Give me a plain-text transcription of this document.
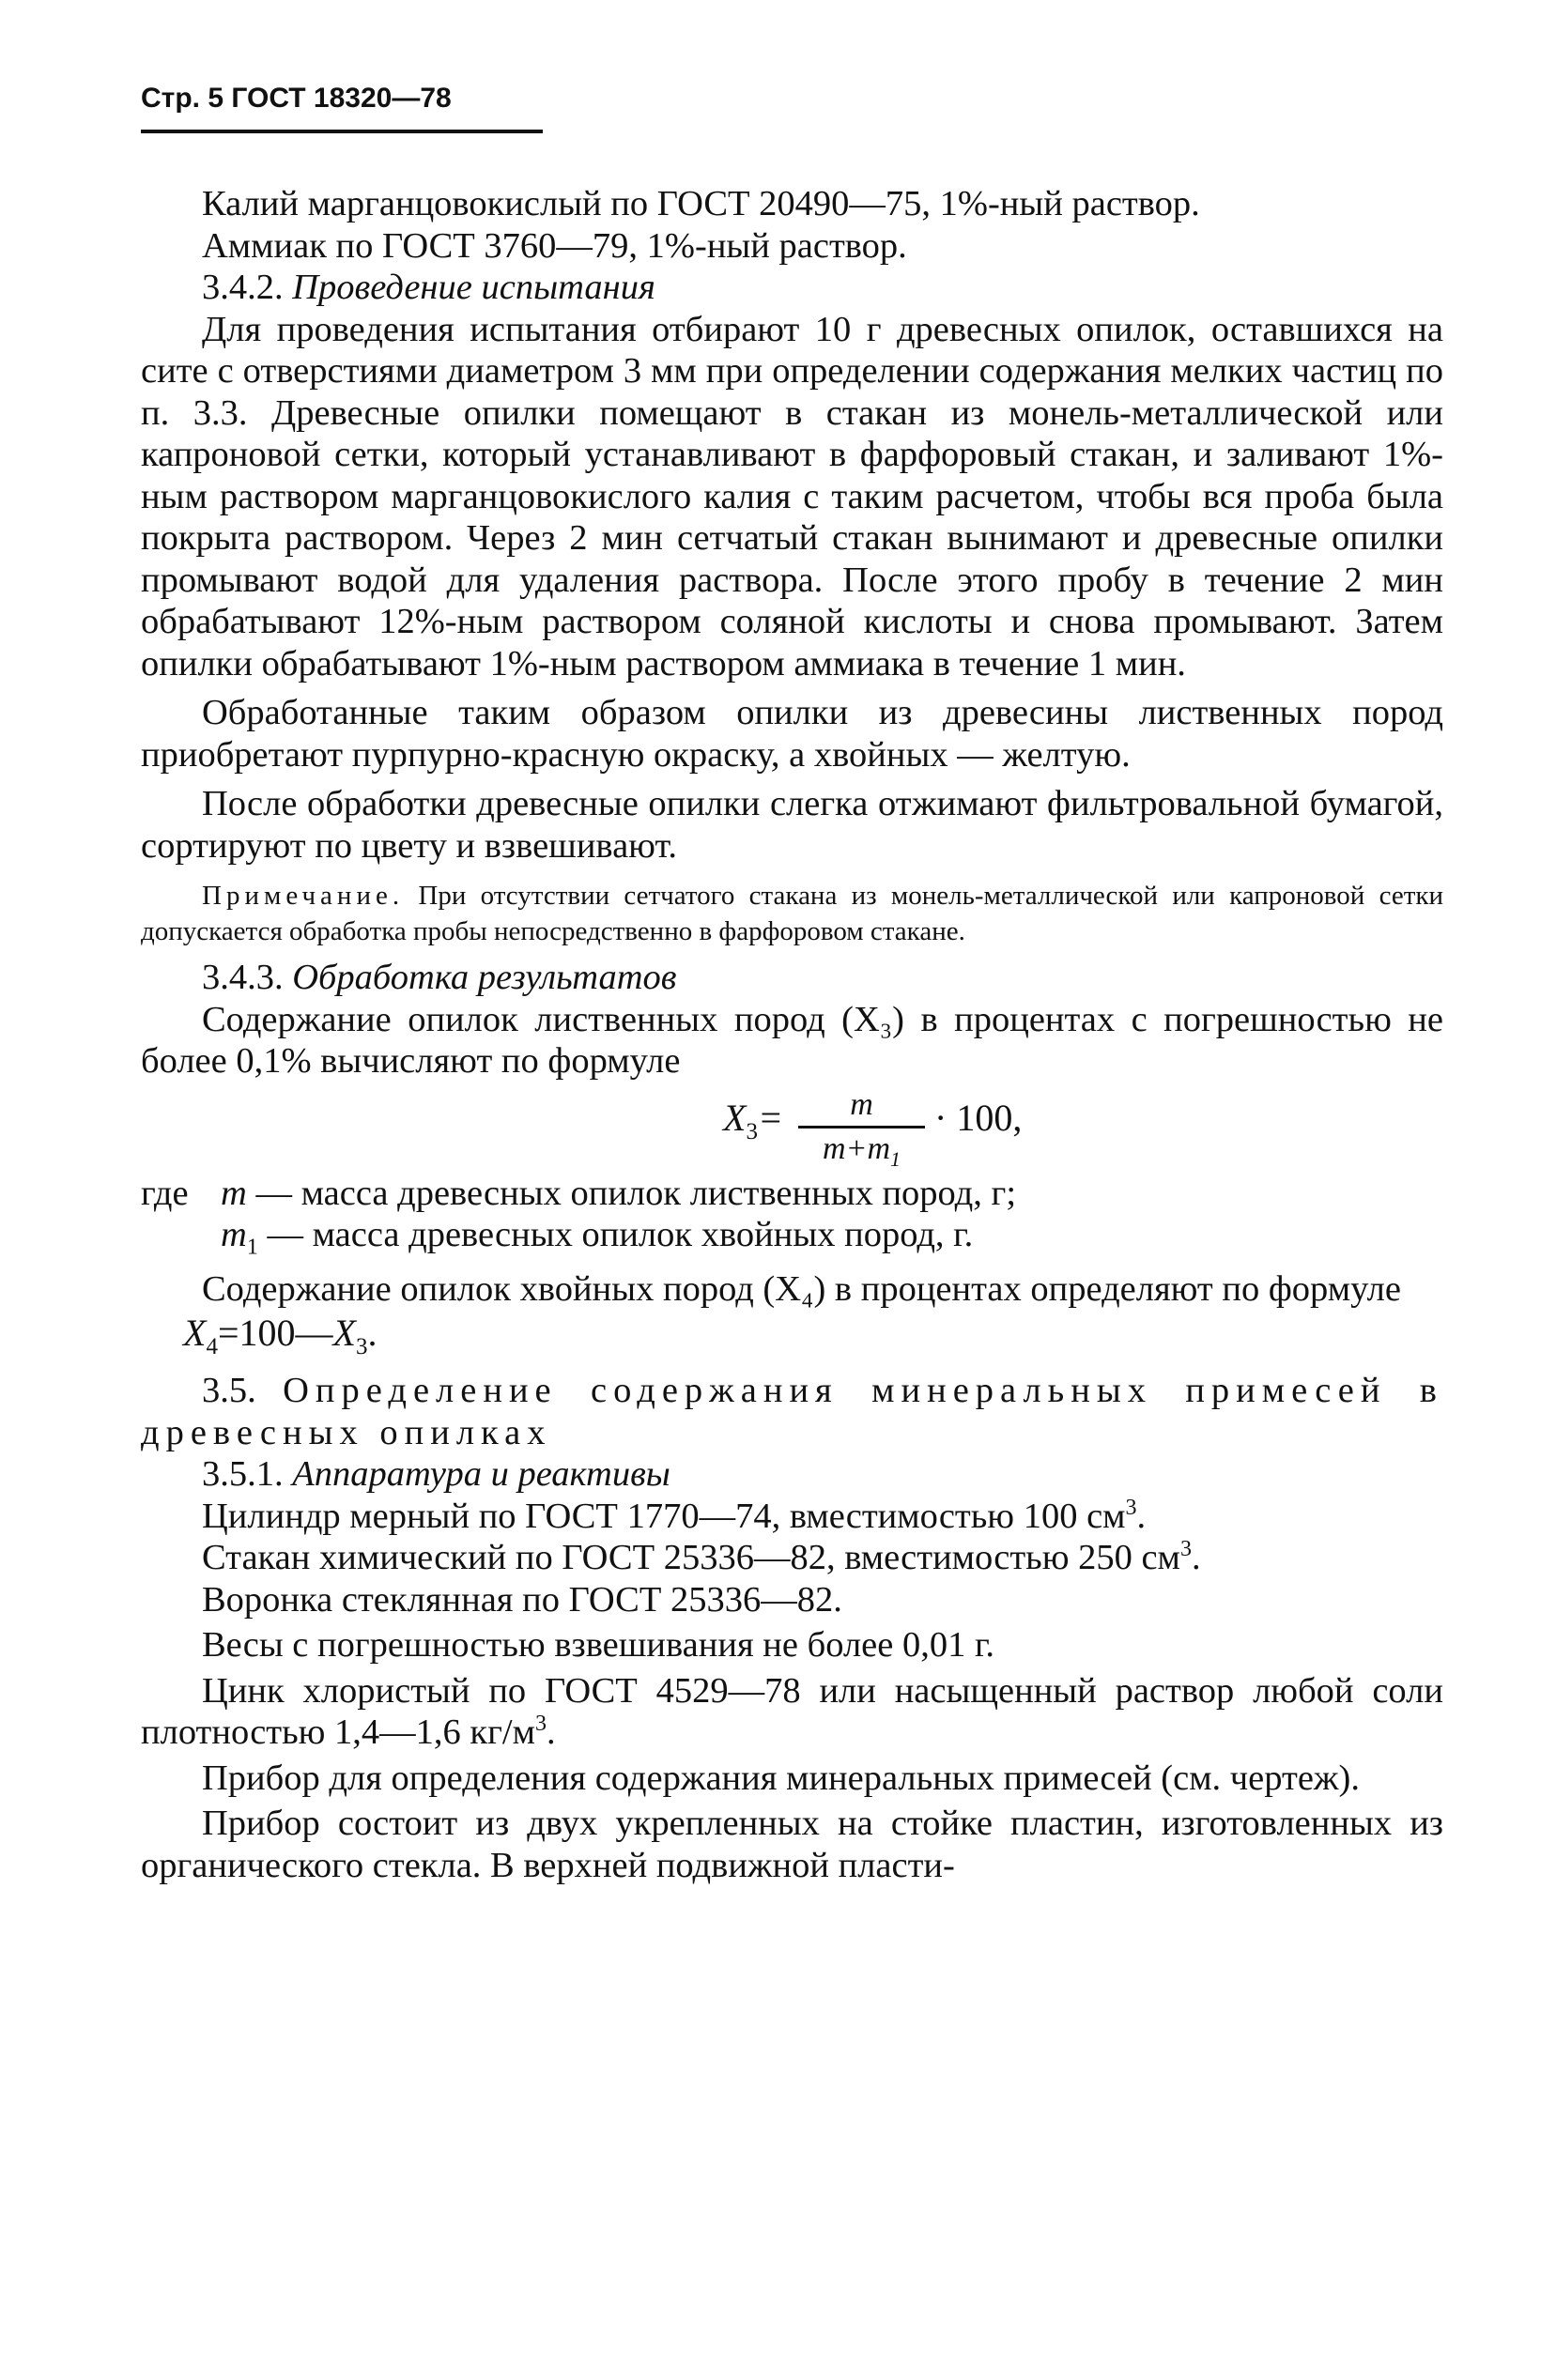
Стр. 5 ГОСТ 18320—78

Калий марганцовокислый по ГОСТ 20490—75, 1%-ный раствор.

Аммиак по ГОСТ 3760—79, 1%-ный раствор.

3.4.2. Проведение испытания

Для проведения испытания отбирают 10 г древесных опилок, оставшихся на сите с отверстиями диаметром 3 мм при определении содержания мелких частиц по п. 3.3. Древесные опилки помещают в стакан из монель-металлической или капроновой сетки, который устанавливают в фарфоровый стакан, и заливают 1%-ным раствором марганцовокислого калия с таким расчетом, чтобы вся проба была покрыта раствором. Через 2 мин сетчатый стакан вынимают и древесные опилки промывают водой для удаления раствора. После этого пробу в течение 2 мин обрабатывают 12%-ным раствором соляной кислоты и снова промывают. Затем опилки обрабатывают 1%-ным раствором аммиака в течение 1 мин.

Обработанные таким образом опилки из древесины лиственных пород приобретают пурпурно-красную окраску, а хвойных — желтую.

После обработки древесные опилки слегка отжимают фильтровальной бумагой, сортируют по цвету и взвешивают.

Примечание. При отсутствии сетчатого стакана из монель-металлической или капроновой сетки допускается обработка пробы непосредственно в фарфоровом стакане.

3.4.3. Обработка результатов

Содержание опилок лиственных пород (X₃) в процентах с погрешностью не более 0,1% вычисляют по формуле

$X_3=$	m
$m+m_1$
· 100,

где m — масса древесных опилок лиственных пород, г;

$m_1$ — масса древесных опилок хвойных пород, г.

Содержание опилок хвойных пород (X₄) в процентах определяют по формуле

$X_4=100—X_3$.

3.5. Определение содержания минеральных примесей в древесных опилках

3.5.1. Аппаратура и реактивы

Цилиндр мерный по ГОСТ 1770—74, вместимостью 100 $см^3$.

Стакан химический по ГОСТ 25336—82, вместимостью 250 $см^3$.

Воронка стеклянная по ГОСТ 25336—82.

Весы с погрешностью взвешивания не более 0,01 г.

Цинк хлористый по ГОСТ 4529—78 или насыщенный раствор любой соли плотностью 1,4—1,6 $кг/м^3$.

Прибор для определения содержания минеральных примесей (см. чертеж).

Прибор состоит из двух укрепленных на стойке пластин, изготовленных из органического стекла. В верхней подвижной пласти-
